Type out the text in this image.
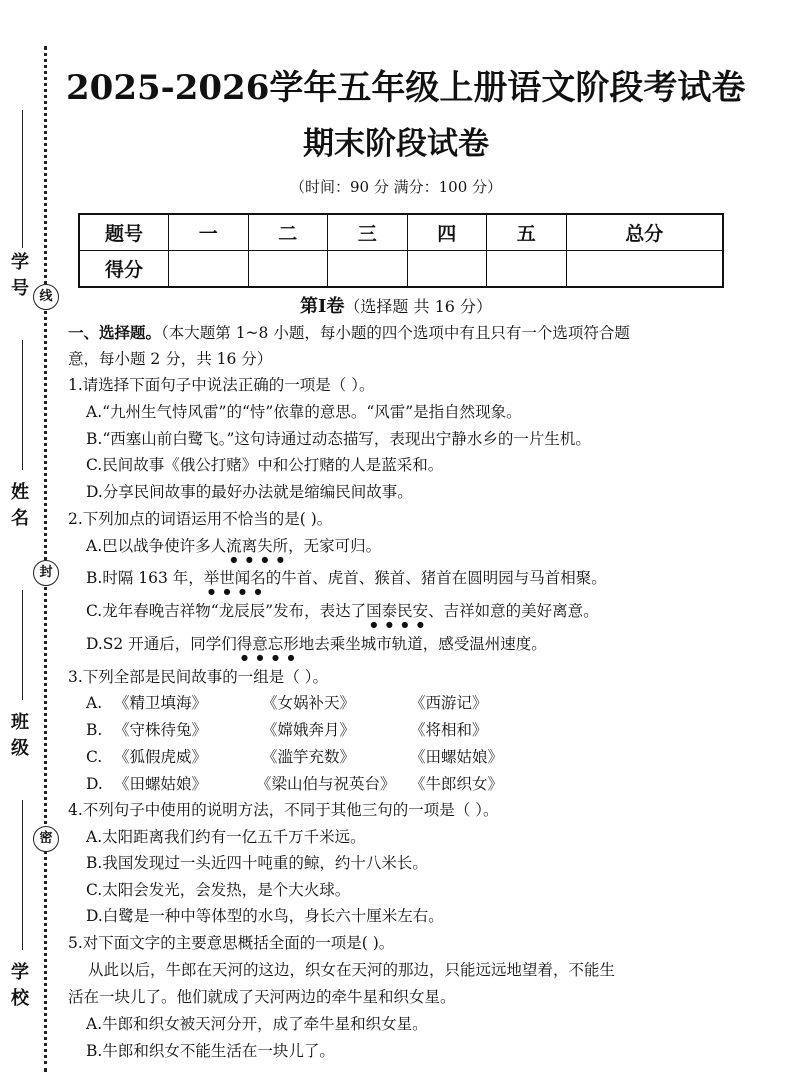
学 号 线
姓 名
封
班 级
密
学 校
2025-2026学年五年级上册语文阶段考试卷
期末阶段试卷
（时间：90 分 满分：100 分）
题号	一	二	三	四	五	总分
得分						
第Ⅰ卷（选择题 共 16 分）
一、选择题。（本大题第 1~8 小题，每小题的四个选项中有且只有一个选项符合题
意，每小题 2 分，共 16 分）
1.请选择下面句子中说法正确的一项是（ ）。
A.“九州生气恃风雷”的“恃”依靠的意思。“风雷”是指自然现象。
B.“西塞山前白鹭飞。”这句诗通过动态描写，表现出宁静水乡的一片生机。
C.民间故事《俄公打赌》中和公打赌的人是蓝采和。
D.分享民间故事的最好办法就是缩编民间故事。
2.下列加点的词语运用不恰当的是( )。
A.巴以战争使许多人流离失所，无家可归。
B.时隔 163 年，举世闻名的牛首、虎首、猴首、猪首在圆明园与马首相聚。
C.龙年春晚吉祥物“龙辰辰”发布，表达了国泰民安、吉祥如意的美好离意。
D.S2 开通后，同学们得意忘形地去乘坐城市轨道，感受温州速度。
3.下列全部是民间故事的一组是（ ）。
A. 《精卫填海》	《女娲补天》	《西游记》
B. 《守株待兔》	《嫦娥奔月》	《将相和》
C. 《狐假虎威》	《滥竽充数》	《田螺姑娘》
D. 《田螺姑娘》	《梁山伯与祝英台》 《牛郎织女》
4.不列句子中使用的说明方法，不同于其他三句的一项是（ ）。
A.太阳距离我们约有一亿五千万千米远。
B.我国发现过一头近四十吨重的鲸，约十八米长。
C.太阳会发光，会发热，是个大火球。
D.白鹭是一种中等体型的水鸟，身长六十厘米左右。
5.对下面文字的主要意思概括全面的一项是( )。
从此以后，牛郎在天河的这边，织女在天河的那边，只能远远地望着，不能生
活在一块儿了。他们就成了天河两边的牵牛星和织女星。
A.牛郎和织女被天河分开，成了牵牛星和织女星。
B.牛郎和织女不能生活在一块儿了。
